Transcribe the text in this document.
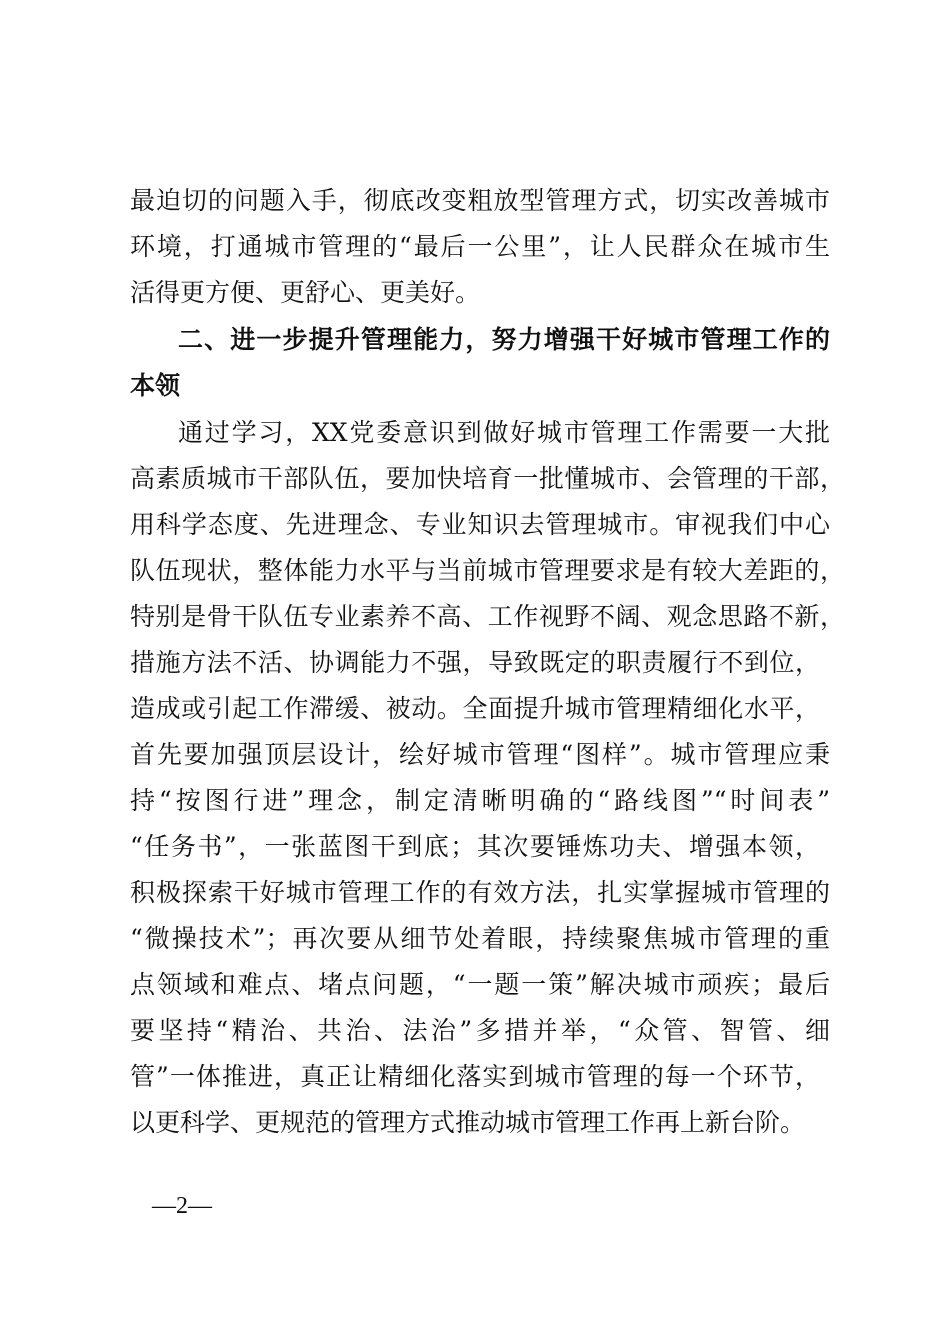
最迫切的问题入手，彻底改变粗放型管理方式，切实改善城市
环境，打通城市管理的“最后一公里”，让人民群众在城市生
活得更方便、更舒心、更美好。
二、进一步提升管理能力，努力增强干好城市管理工作的
本领
通过学习，XX党委意识到做好城市管理工作需要一大批
高素质城市干部队伍，要加快培育一批懂城市、会管理的干部，
用科学态度、先进理念、专业知识去管理城市。审视我们中心
队伍现状，整体能力水平与当前城市管理要求是有较大差距的，
特别是骨干队伍专业素养不高、工作视野不阔、观念思路不新，
措施方法不活、协调能力不强，导致既定的职责履行不到位，
造成或引起工作滞缓、被动。全面提升城市管理精细化水平，
首先要加强顶层设计，绘好城市管理“图样”。城市管理应秉
持“按图行进”理念，制定清晰明确的“路线图”“时间表”
“任务书”，一张蓝图干到底；其次要锤炼功夫、增强本领，
积极探索干好城市管理工作的有效方法，扎实掌握城市管理的
“微操技术”；再次要从细节处着眼，持续聚焦城市管理的重
点领域和难点、堵点问题，“一题一策”解决城市顽疾；最后
要坚持“精治、共治、法治”多措并举，“众管、智管、细
管”一体推进，真正让精细化落实到城市管理的每一个环节，
以更科学、更规范的管理方式推动城市管理工作再上新台阶。
—2—
